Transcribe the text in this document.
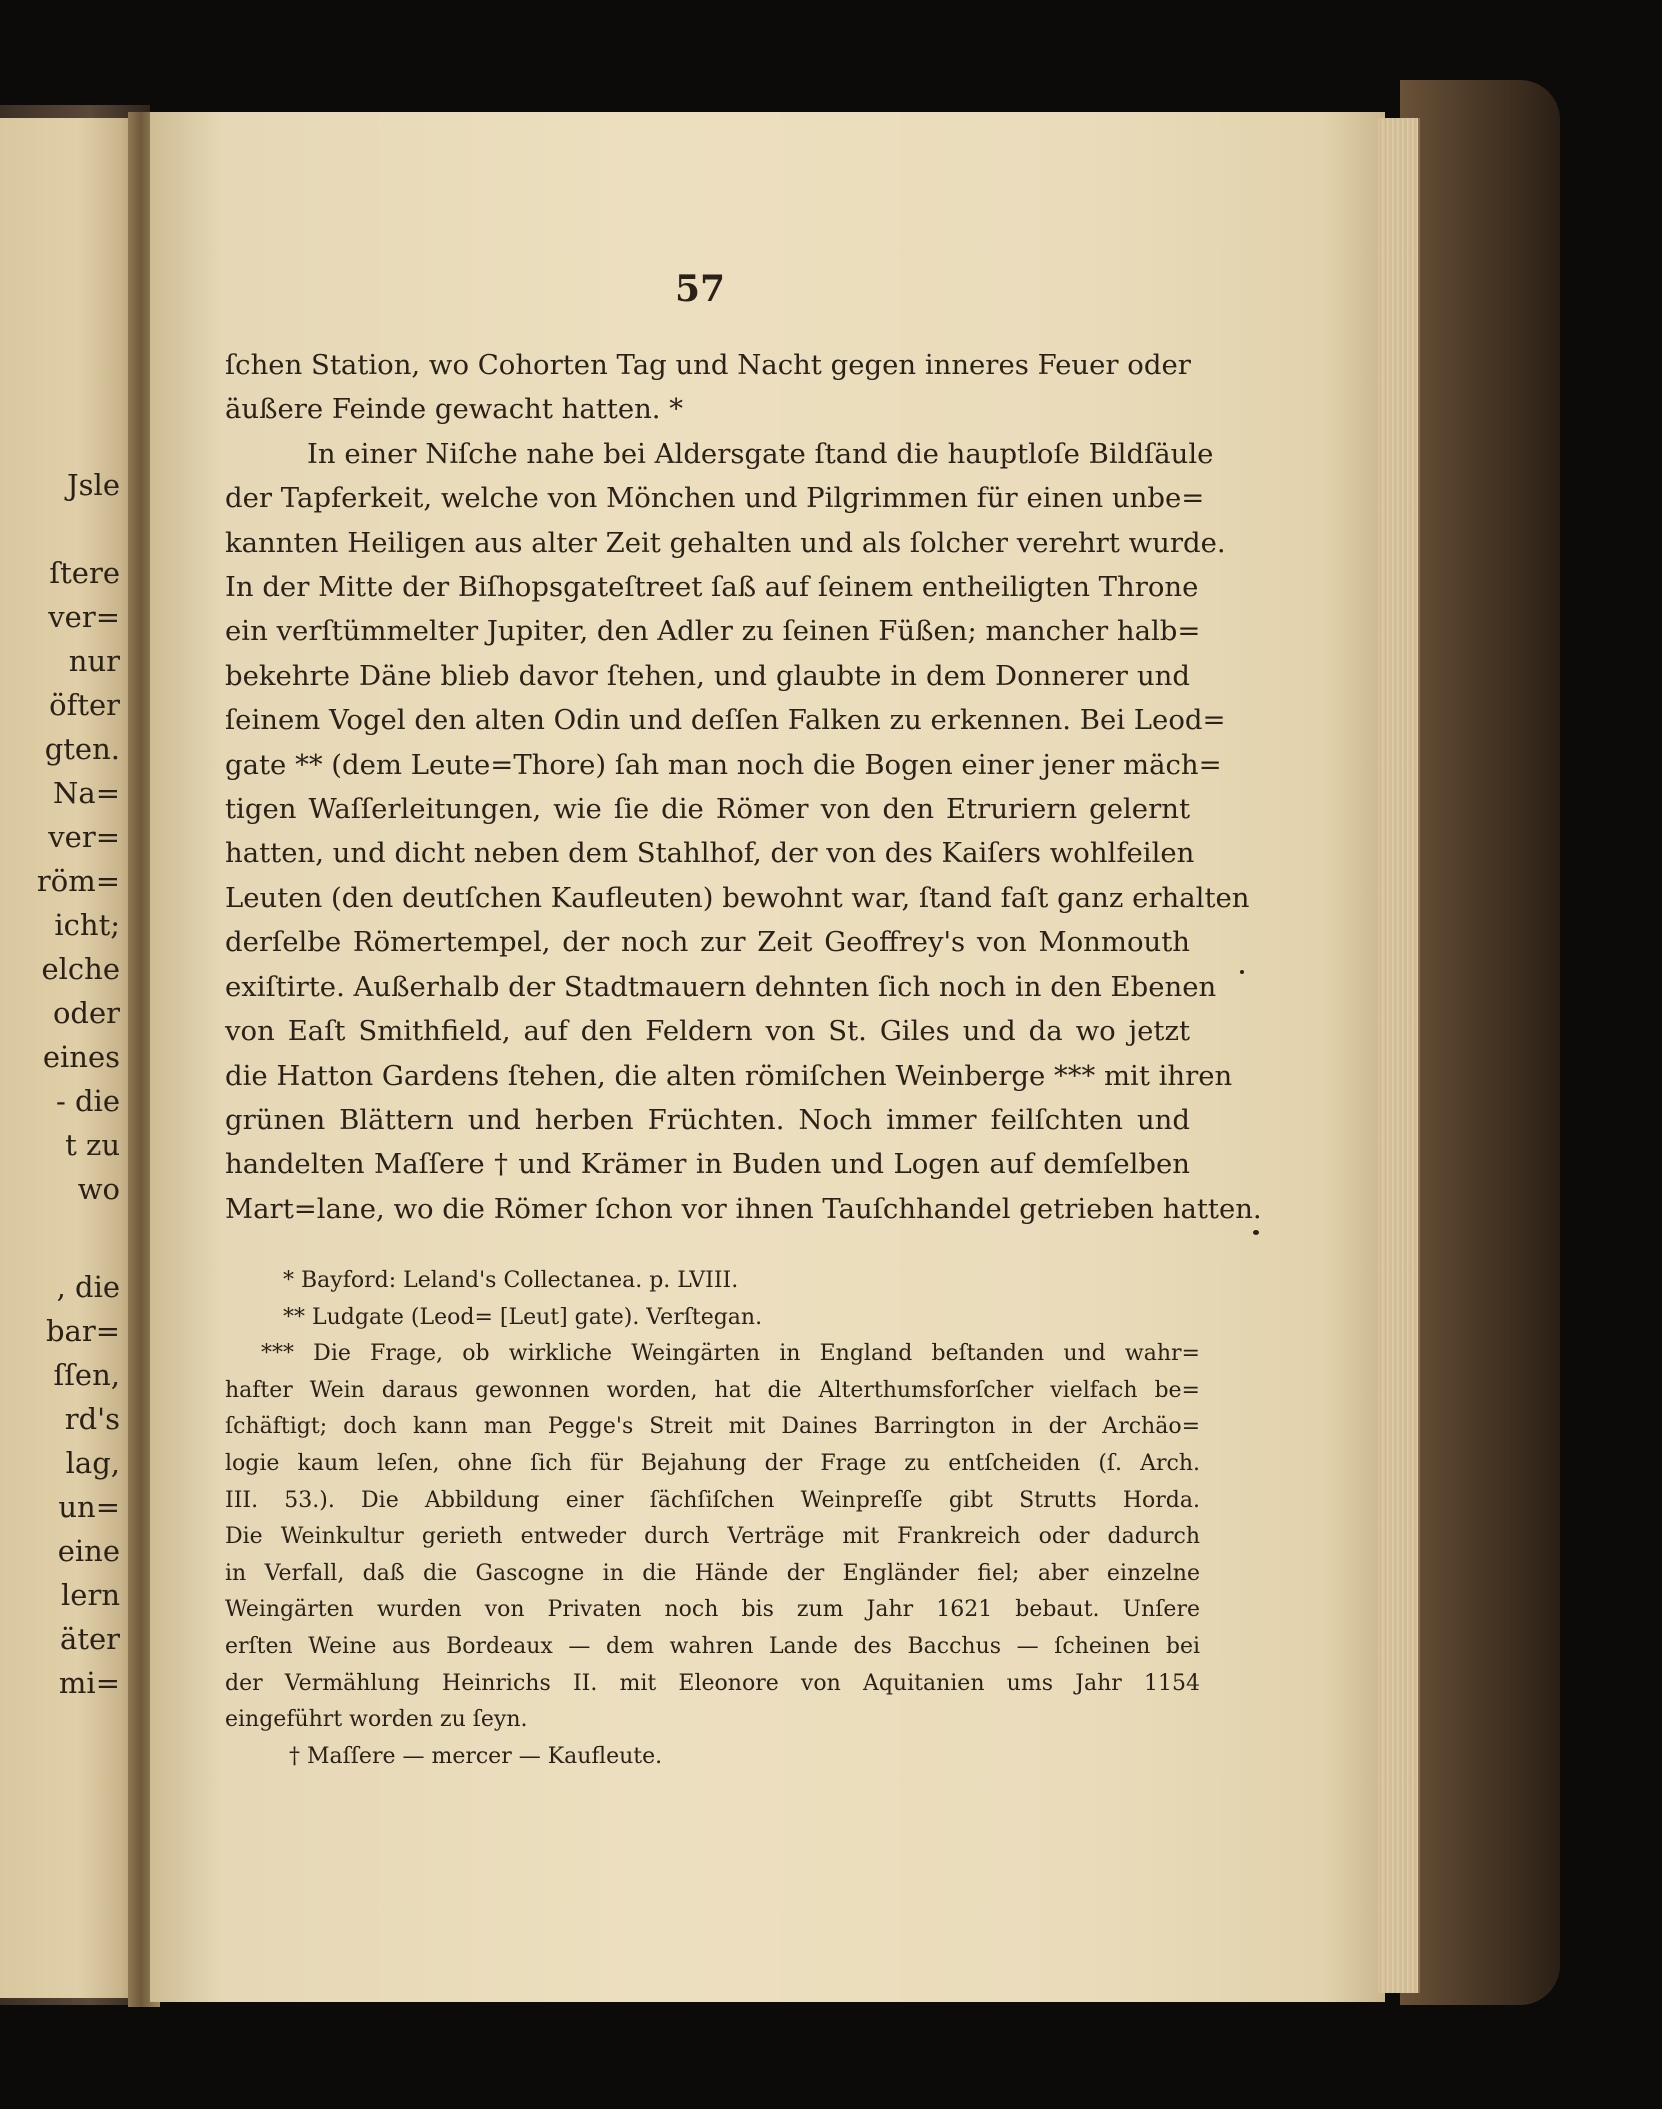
Jsle
ſtere
ver=
nur
öfter
gten.
Na=
ver=
röm=
icht;
elche
oder
eines
- die
t zu
wo
, die
bar=
ſſen,
rd's
lag,
un=
eine
lern
äter
mi=
57
ſchen Station, wo Cohorten Tag und Nacht gegen inneres Feuer oder
äußere Feinde gewacht hatten. *
In einer Niſche nahe bei Aldersgate ſtand die hauptloſe Bildſäule
der Tapferkeit, welche von Mönchen und Pilgrimmen für einen unbe=
kannten Heiligen aus alter Zeit gehalten und als ſolcher verehrt wurde.
In der Mitte der Biſhopsgateſtreet ſaß auf ſeinem entheiligten Throne
ein verſtümmelter Jupiter, den Adler zu ſeinen Füßen; mancher halb=
bekehrte Däne blieb davor ſtehen, und glaubte in dem Donnerer und
ſeinem Vogel den alten Odin und deſſen Falken zu erkennen. Bei Leod=
gate ** (dem Leute=Thore) ſah man noch die Bogen einer jener mäch=
tigen Waſſerleitungen, wie ſie die Römer von den Etruriern gelernt
hatten, und dicht neben dem Stahlhof, der von des Kaiſers wohlfeilen
Leuten (den deutſchen Kaufleuten) bewohnt war, ſtand faſt ganz erhalten
derſelbe Römertempel, der noch zur Zeit Geoffrey's von Monmouth
exiſtirte. Außerhalb der Stadtmauern dehnten ſich noch in den Ebenen
von Eaſt Smithfield, auf den Feldern von St. Giles und da wo jetzt
die Hatton Gardens ſtehen, die alten römiſchen Weinberge *** mit ihren
grünen Blättern und herben Früchten. Noch immer feilſchten und
handelten Maſſere † und Krämer in Buden und Logen auf demſelben
Mart=lane, wo die Römer ſchon vor ihnen Tauſchhandel getrieben hatten.
* Bayford: Leland's Collectanea. p. LVIII.
** Ludgate (Leod= [Leut] gate). Verſtegan.
*** Die Frage, ob wirkliche Weingärten in England beſtanden und wahr=
hafter Wein daraus gewonnen worden, hat die Alterthumsforſcher vielfach be=
ſchäftigt; doch kann man Pegge's Streit mit Daines Barrington in der Archäo=
logie kaum leſen, ohne ſich für Bejahung der Frage zu entſcheiden (ſ. Arch.
III. 53.). Die Abbildung einer ſächſiſchen Weinpreſſe gibt Strutts Horda.
Die Weinkultur gerieth entweder durch Verträge mit Frankreich oder dadurch
in Verfall, daß die Gascogne in die Hände der Engländer fiel; aber einzelne
Weingärten wurden von Privaten noch bis zum Jahr 1621 bebaut. Unſere
erſten Weine aus Bordeaux — dem wahren Lande des Bacchus — ſcheinen bei
der Vermählung Heinrichs II. mit Eleonore von Aquitanien ums Jahr 1154
eingeführt worden zu ſeyn.
† Maſſere — mercer — Kaufleute.
